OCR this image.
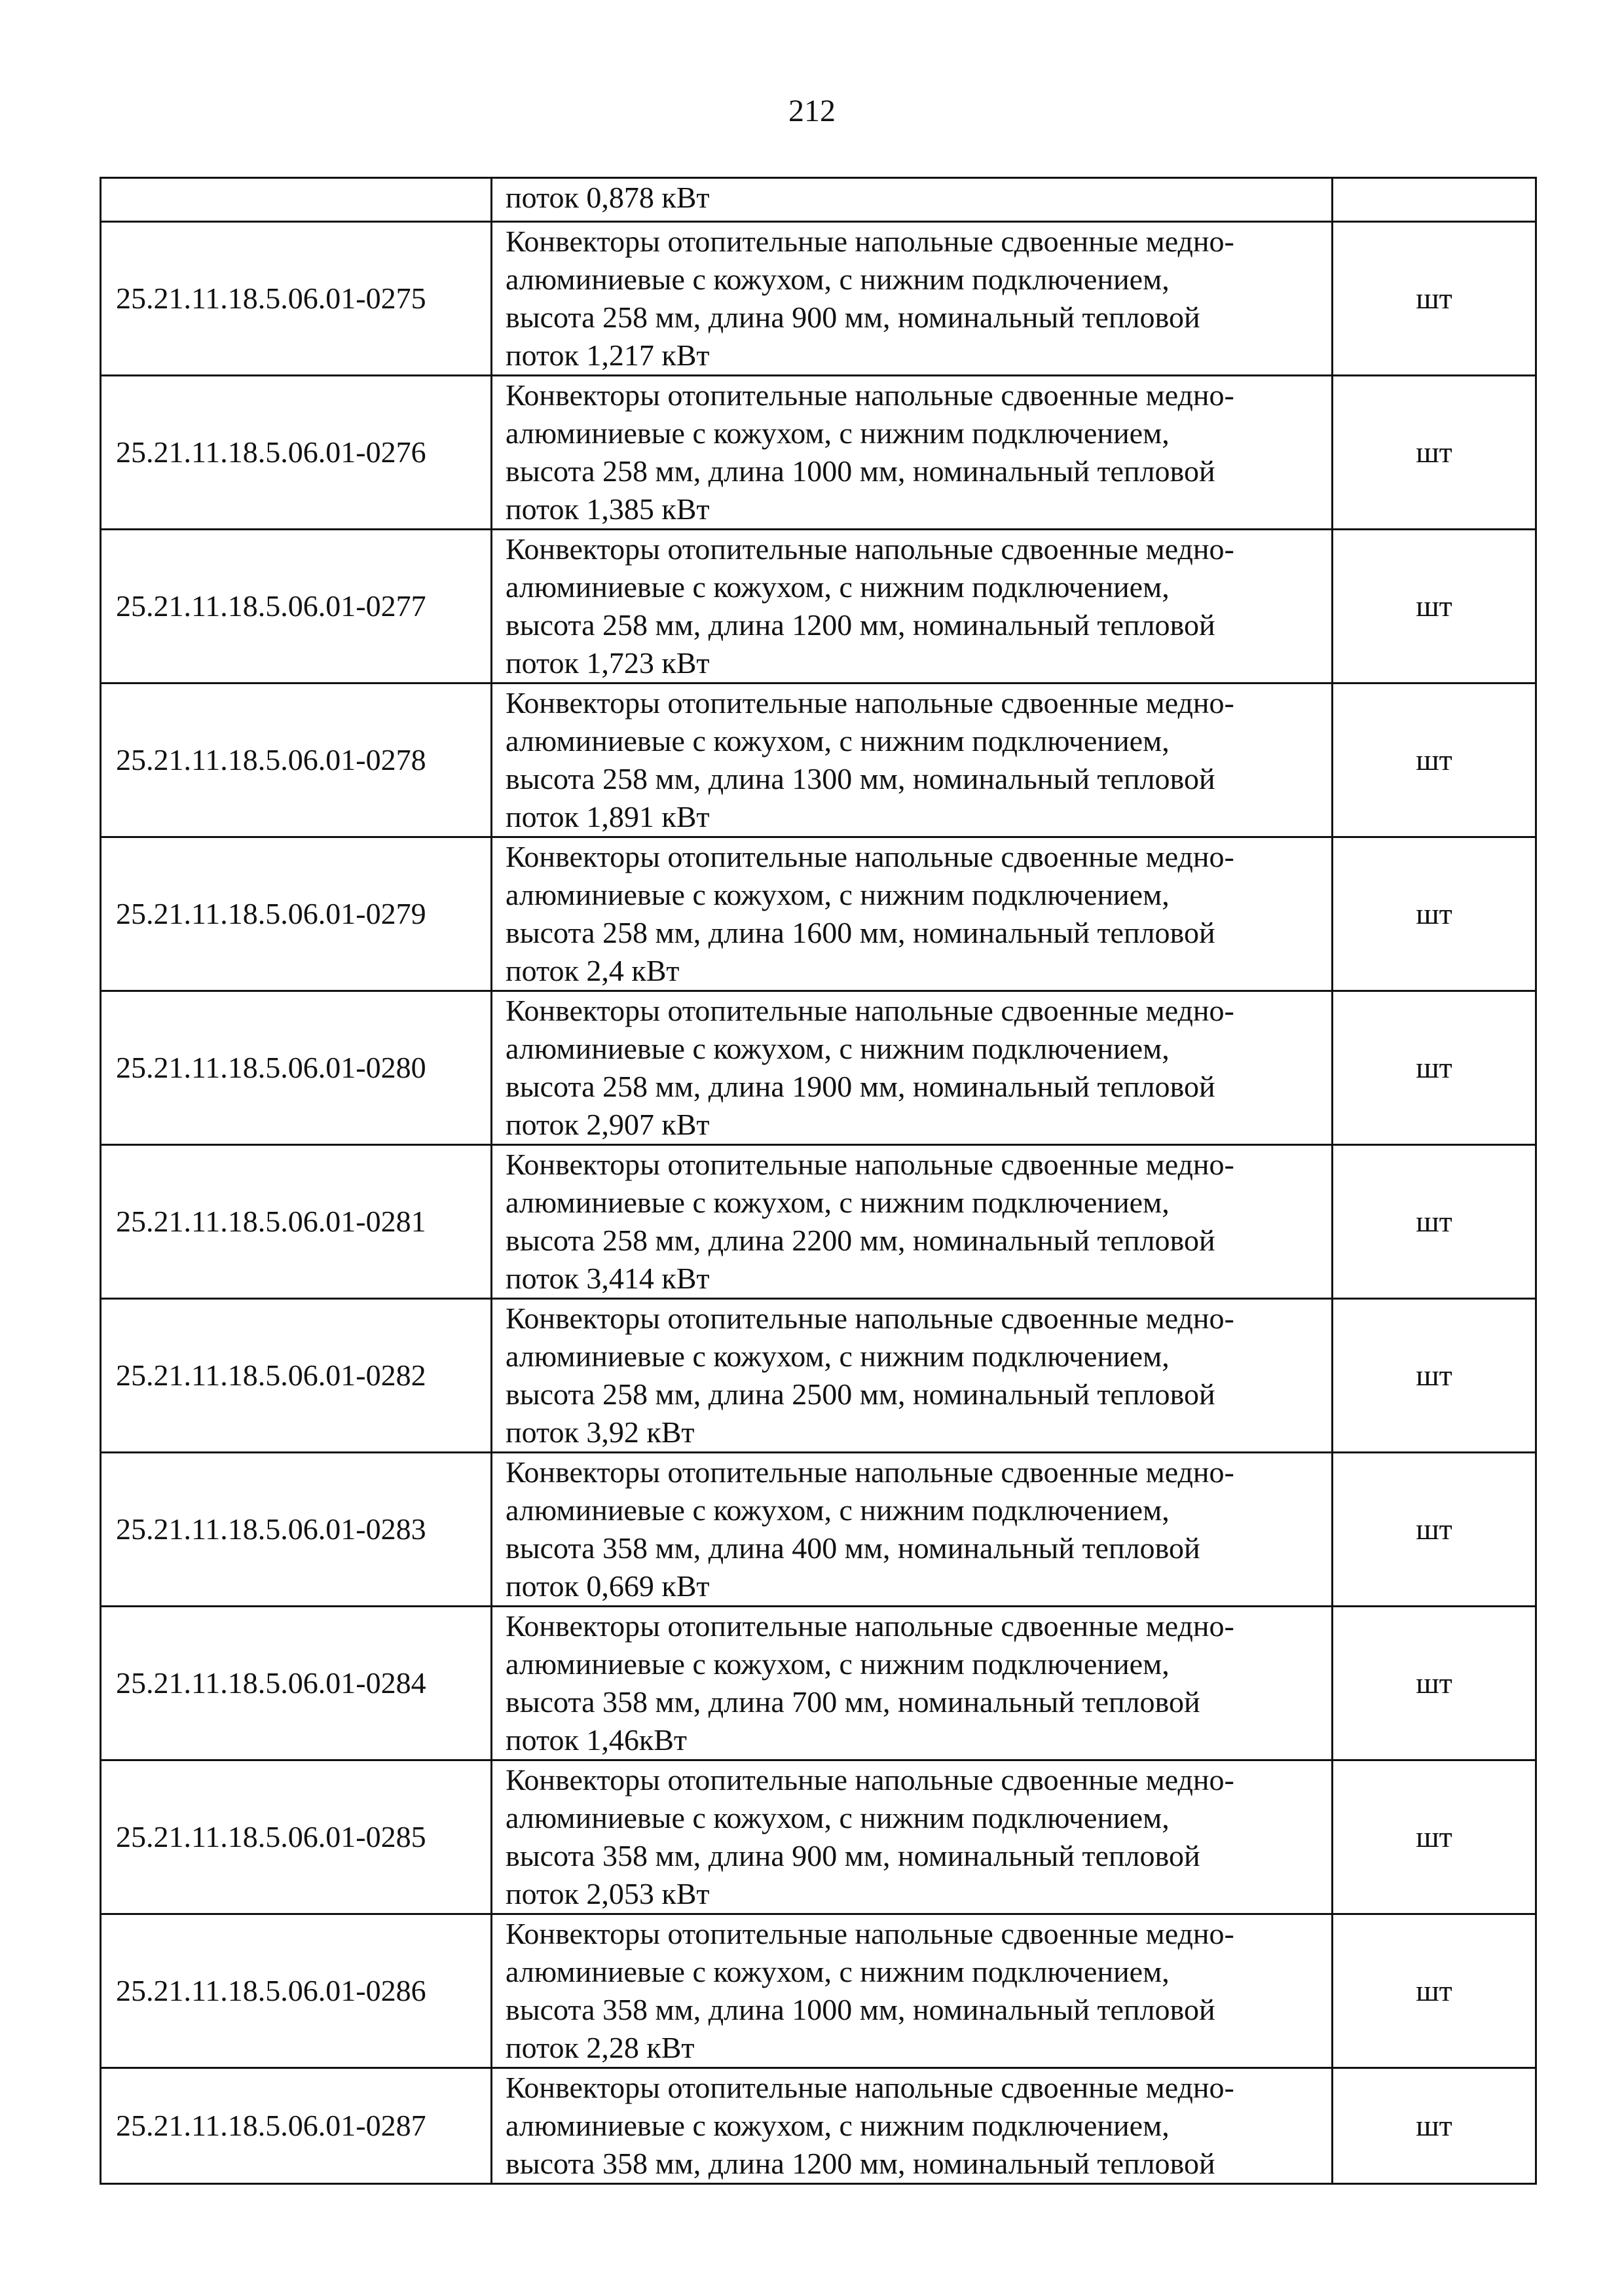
212

	поток 0,878 кВт	

25.21.11.18.5.06.01-0275	Конвекторы отопительные напольные сдвоенные медно-
алюминиевые с кожухом, с нижним подключением,
высота 258 мм, длина 900 мм, номинальный тепловой
поток 1,217 кВт	шт
25.21.11.18.5.06.01-0276	Конвекторы отопительные напольные сдвоенные медно-
алюминиевые с кожухом, с нижним подключением,
высота 258 мм, длина 1000 мм, номинальный тепловой
поток 1,385 кВт	шт
25.21.11.18.5.06.01-0277	Конвекторы отопительные напольные сдвоенные медно-
алюминиевые с кожухом, с нижним подключением,
высота 258 мм, длина 1200 мм, номинальный тепловой
поток 1,723 кВт	шт
25.21.11.18.5.06.01-0278	Конвекторы отопительные напольные сдвоенные медно-
алюминиевые с кожухом, с нижним подключением,
высота 258 мм, длина 1300 мм, номинальный тепловой
поток 1,891 кВт	шт
25.21.11.18.5.06.01-0279	Конвекторы отопительные напольные сдвоенные медно-
алюминиевые с кожухом, с нижним подключением,
высота 258 мм, длина 1600 мм, номинальный тепловой
поток 2,4 кВт	шт
25.21.11.18.5.06.01-0280	Конвекторы отопительные напольные сдвоенные медно-
алюминиевые с кожухом, с нижним подключением,
высота 258 мм, длина 1900 мм, номинальный тепловой
поток 2,907 кВт	шт
25.21.11.18.5.06.01-0281	Конвекторы отопительные напольные сдвоенные медно-
алюминиевые с кожухом, с нижним подключением,
высота 258 мм, длина 2200 мм, номинальный тепловой
поток 3,414 кВт	шт
25.21.11.18.5.06.01-0282	Конвекторы отопительные напольные сдвоенные медно-
алюминиевые с кожухом, с нижним подключением,
высота 258 мм, длина 2500 мм, номинальный тепловой
поток 3,92 кВт	шт
25.21.11.18.5.06.01-0283	Конвекторы отопительные напольные сдвоенные медно-
алюминиевые с кожухом, с нижним подключением,
высота 358 мм, длина 400 мм, номинальный тепловой
поток 0,669 кВт	шт
25.21.11.18.5.06.01-0284	Конвекторы отопительные напольные сдвоенные медно-
алюминиевые с кожухом, с нижним подключением,
высота 358 мм, длина 700 мм, номинальный тепловой
поток 1,46кВт	шт
25.21.11.18.5.06.01-0285	Конвекторы отопительные напольные сдвоенные медно-
алюминиевые с кожухом, с нижним подключением,
высота 358 мм, длина 900 мм, номинальный тепловой
поток 2,053 кВт	шт
25.21.11.18.5.06.01-0286	Конвекторы отопительные напольные сдвоенные медно-
алюминиевые с кожухом, с нижним подключением,
высота 358 мм, длина 1000 мм, номинальный тепловой
поток 2,28 кВт	шт
25.21.11.18.5.06.01-0287	Конвекторы отопительные напольные сдвоенные медно-
алюминиевые с кожухом, с нижним подключением,
высота 358 мм, длина 1200 мм, номинальный тепловой	шт
